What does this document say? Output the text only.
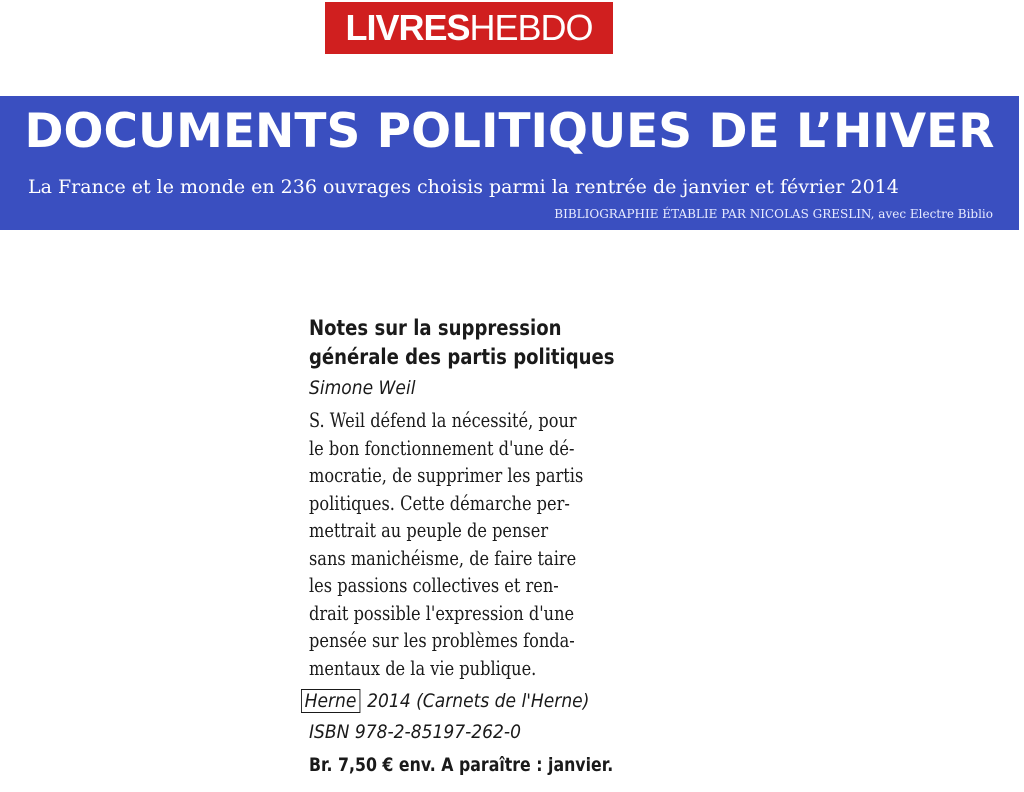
LIVRES HEBDO
DOCUMENTS POLITIQUES DE L’HIVER
La France et le monde en 236 ouvrages choisis parmi la rentrée de janvier et février 2014
BIBLIOGRAPHIE ÉTABLIE PAR NICOLAS GRESLIN, avec Electre Biblio
Notes sur la suppression
générale des partis politiques
Simone Weil
S. Weil défend la nécessité, pour
le bon fonctionnement d'une dé-
mocratie, de supprimer les partis
politiques. Cette démarche per-
mettrait au peuple de penser
sans manichéisme, de faire taire
les passions collectives et ren-
drait possible l'expression d'une
pensée sur les problèmes fonda-
mentaux de la vie publique.
Herne 2014 (Carnets de l'Herne)
ISBN 978-2-85197-262-0
Br. 7,50 € env. A paraître : janvier.
